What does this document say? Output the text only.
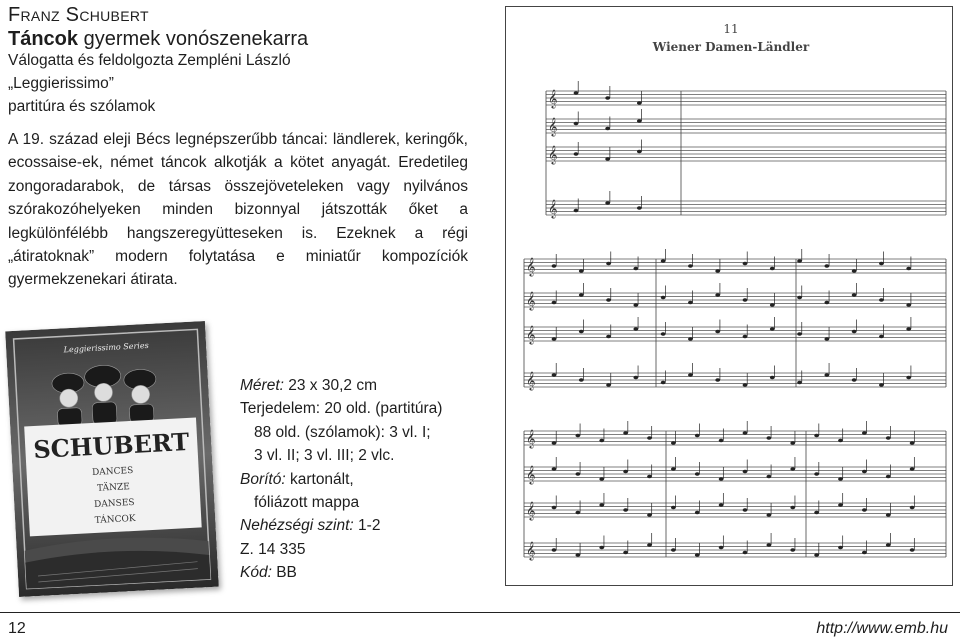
Franz Schubert
Táncok gyermek vonószenekarra
Válogatta és feldolgozta Zempléni László
„Leggierissimo”
partitúra és szólamok

A 19. század eleji Bécs legnépszerűbb táncai: ländlerek, keringők, ecossaise-ek, német táncok alkotják a kötet anyagát. Eredetileg zongoradarabok, de társas összejöveteleken vagy nyilvános szórakozóhelyeken minden bizonnyal játszották őket a legkülönfélébb hangszeregyütteseken is. Ezeknek a régi „átiratoknak” modern folytatása e miniatűr kompozíciók gyermekzenekari átirata.

Leggierissimo Series
SCHUBERT
DANCES
TÄNZE
DANSES
TÁNCOK
Méret: 23 x 30,2 cm
Terjedelem: 20 old. (partitúra)
88 old. (szólamok): 3 vl. I;
3 vl. II; 3 vl. III; 2 vlc.
Borító: kartonált,
fóliázott mappa
Nehézségi szint: 1-2
Z. 14 335
Kód: BB
11
Wiener Damen-Ländler
𝄞
𝄞
𝄞
𝄞
𝄞
𝄞
𝄞
𝄞
𝄞
𝄞
𝄞
𝄞
12	http://www.emb.hu
